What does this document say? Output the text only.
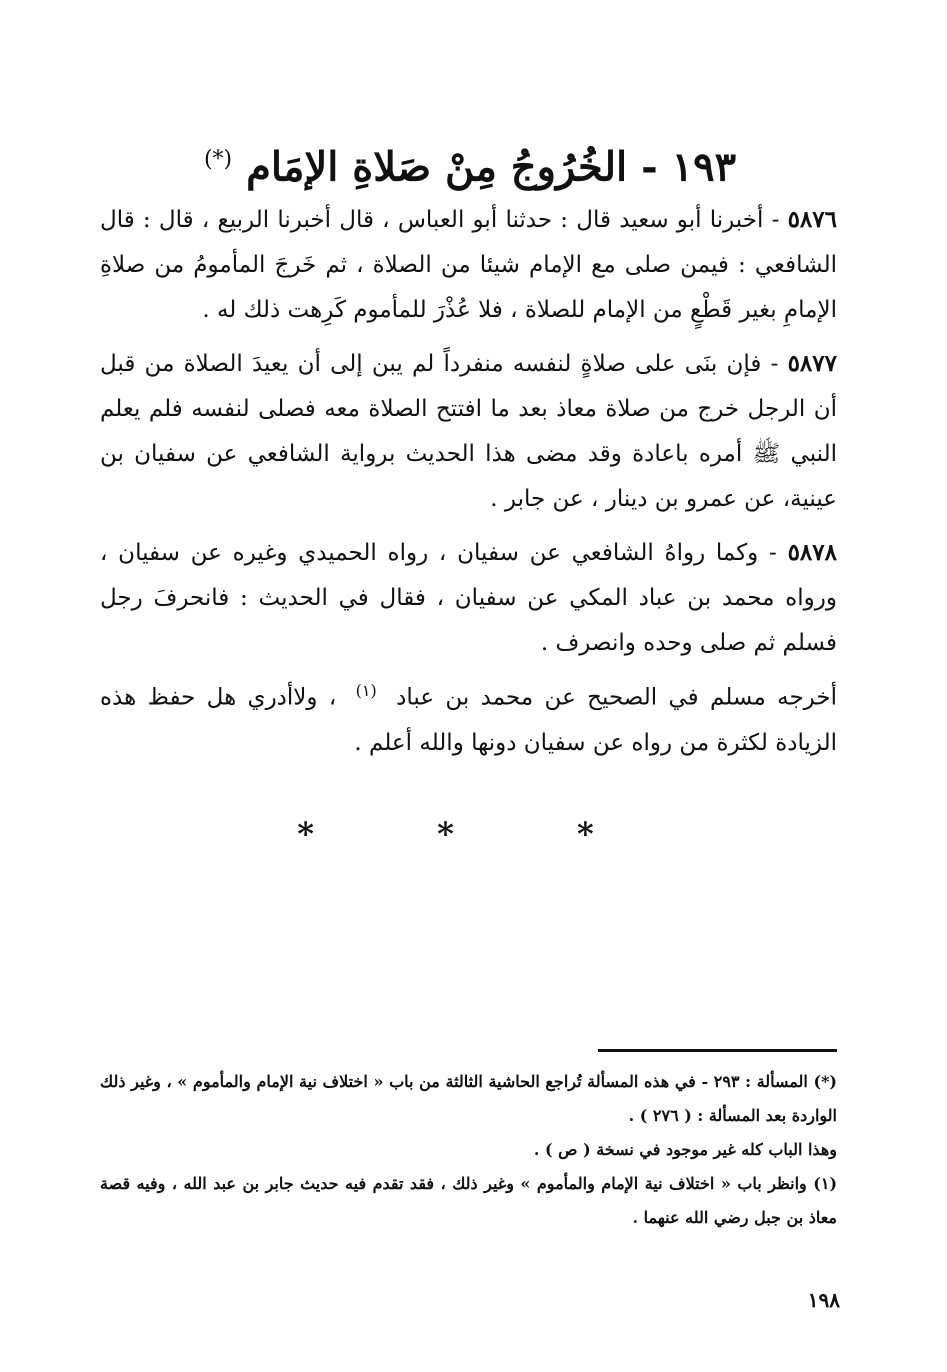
١٩٣ - الخُرُوجُ مِنْ صَلاةِ الإمَام (*)
٥٨٧٦ - أخبرنا أبو سعيد قال : حدثنا أبو العباس ، قال أخبرنا الربيع ، قال : قال الشافعي : فيمن صلى مع الإمام شيئا من الصلاة ، ثم خَرجَ المأمومُ من صلاةِ الإمامِ بغير قَطْعٍ من الإمام للصلاة ، فلا عُذْرَ للمأموم كَرِهت ذلك له .
٥٨٧٧ - فإن بنَى على صلاةٍ لنفسه منفرداً لم يبن إلى أن يعيدَ الصلاة من قبل أن الرجل خرج من صلاة معاذ بعد ما افتتح الصلاة معه فصلى لنفسه فلم يعلم النبي ﷺ أمره باعادة وقد مضى هذا الحديث برواية الشافعي عن سفيان بن عينية، عن عمرو بن دينار ، عن جابر .
٥٨٧٨ - وكما رواهُ الشافعي عن سفيان ، رواه الحميدي وغيره عن سفيان ، ورواه محمد بن عباد المكي عن سفيان ، فقال في الحديث : فانحرفَ رجل فسلم ثم صلى وحده وانصرف .
أخرجه مسلم في الصحيح عن محمد بن عباد $^{(١)}$ ، ولاأدري هل حفظ هذه الزيادة لكثرة من رواه عن سفيان دونها والله أعلم .
* * *

(*) المسألة : ٢٩٣ - في هذه المسألة تُراجع الحاشية الثالثة من باب « اختلاف نية الإمام والمأموم » ، وغير ذلك الواردة بعد المسألة : ( ٢٧٦ ) .

وهذا الباب كله غير موجود في نسخة ( ص ) .

(١) وانظر باب « اختلاف نية الإمام والمأموم » وغير ذلك ، فقد تقدم فيه حديث جابر بن عبد الله ، وفيه قصة معاذ بن جبل رضي الله عنهما .

١٩٨
